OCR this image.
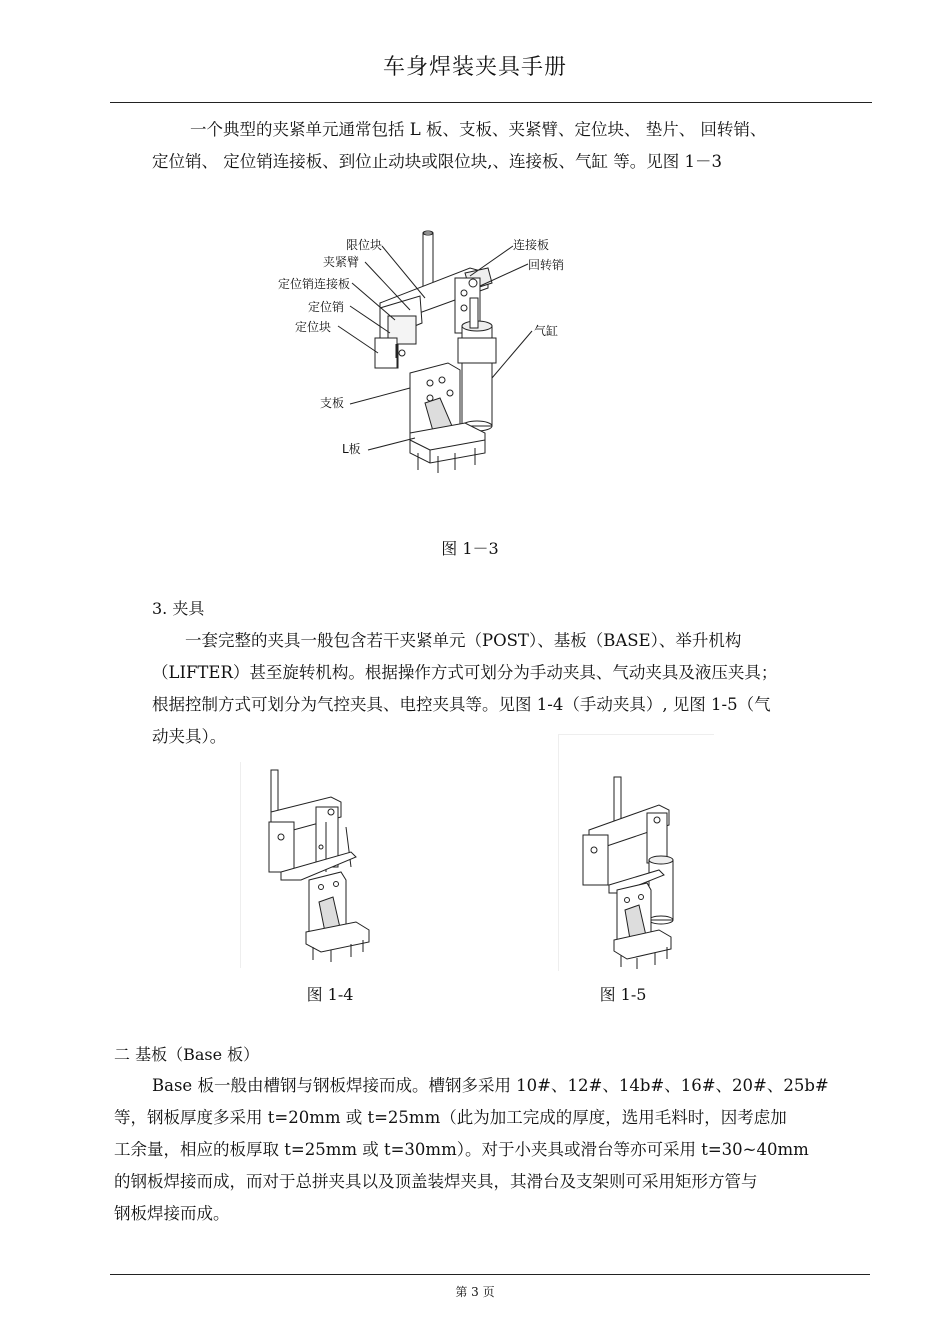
车身焊装夹具手册
一个典型的夹紧单元通常包括 L 板、支板、夹紧臂、定位块、 垫片、 回转销、
定位销、 定位销连接板、到位止动块或限位块,、连接板、气缸 等。见图 1－3
限位块
夹紧臂
定位销连接板
定位销
定位块
支板
L板
连接板
回转销
气缸
图 1－3
3. 夹具
一套完整的夹具一般包含若干夹紧单元（POST）、基板（BASE）、举升机构
（LIFTER）甚至旋转机构。根据操作方式可划分为手动夹具、气动夹具及液压夹具；
根据控制方式可划分为气控夹具、电控夹具等。见图 1-4（手动夹具）, 见图 1-5（气
动夹具）。
图 1-4	图 1-5
二 基板（Base 板）
Base 板一般由槽钢与钢板焊接而成。槽钢多采用 10#、12#、14b#、16#、20#、25b#
等，钢板厚度多采用 t=20mm 或 t=25mm（此为加工完成的厚度，选用毛料时，因考虑加
工余量，相应的板厚取 t=25mm 或 t=30mm）。对于小夹具或滑台等亦可采用 t=30~40mm
的钢板焊接而成，而对于总拼夹具以及顶盖装焊夹具，其滑台及支架则可采用矩形方管与
钢板焊接而成。
第 3 页
